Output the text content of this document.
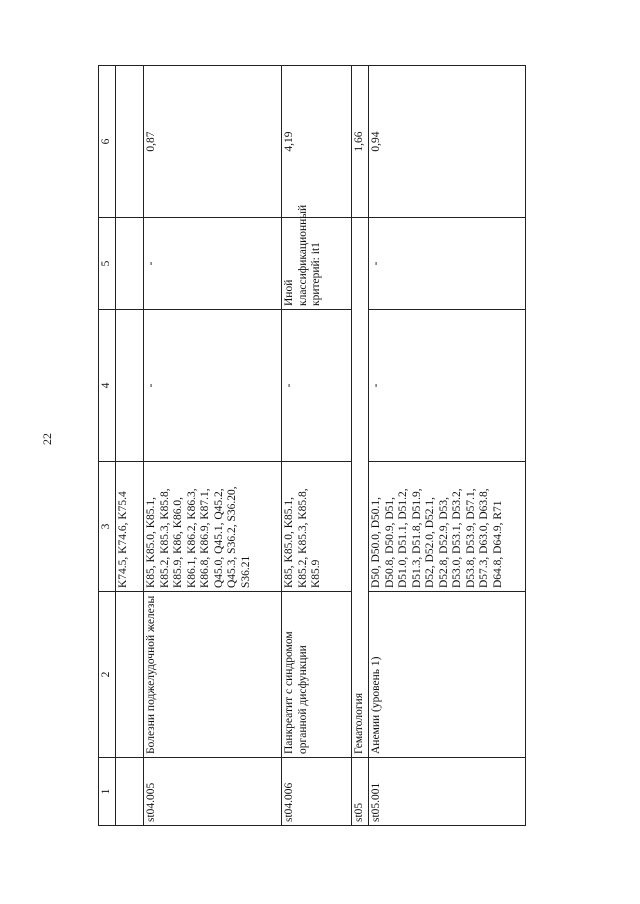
22
1	2	3	4	5	6
		K74.5, K74.6, K75.4			
st04.005	Болезни поджелудочной железы	K85, K85.0, K85.1, K85.2, K85.3, K85.8, K85.9, K86, K86.0, K86.1, K86.2, K86.3, K86.8, K86.9, K87.1, Q45.0, Q45.1, Q45.2, Q45.3, S36.2, S36.20, S36.21	-	-	0,87
st04.006	Панкреатит с синдромом органной дисфункции	K85, K85.0, K85.1, K85.2, K85.3, K85.8, K85.9	-	Иной классификационный критерий: it1	4,19
st05	Гематология				1,66
st05.001	Анемии (уровень 1)	D50, D50.0, D50.1, D50.8, D50.9, D51, D51.0, D51.1, D51.2, D51.3, D51.8, D51.9, D52, D52.0, D52.1, D52.8, D52.9, D53, D53.0, D53.1, D53.2, D53.8, D53.9, D57.1, D57.3, D63.0, D63.8, D64.8, D64.9, R71	-	-	0,94
